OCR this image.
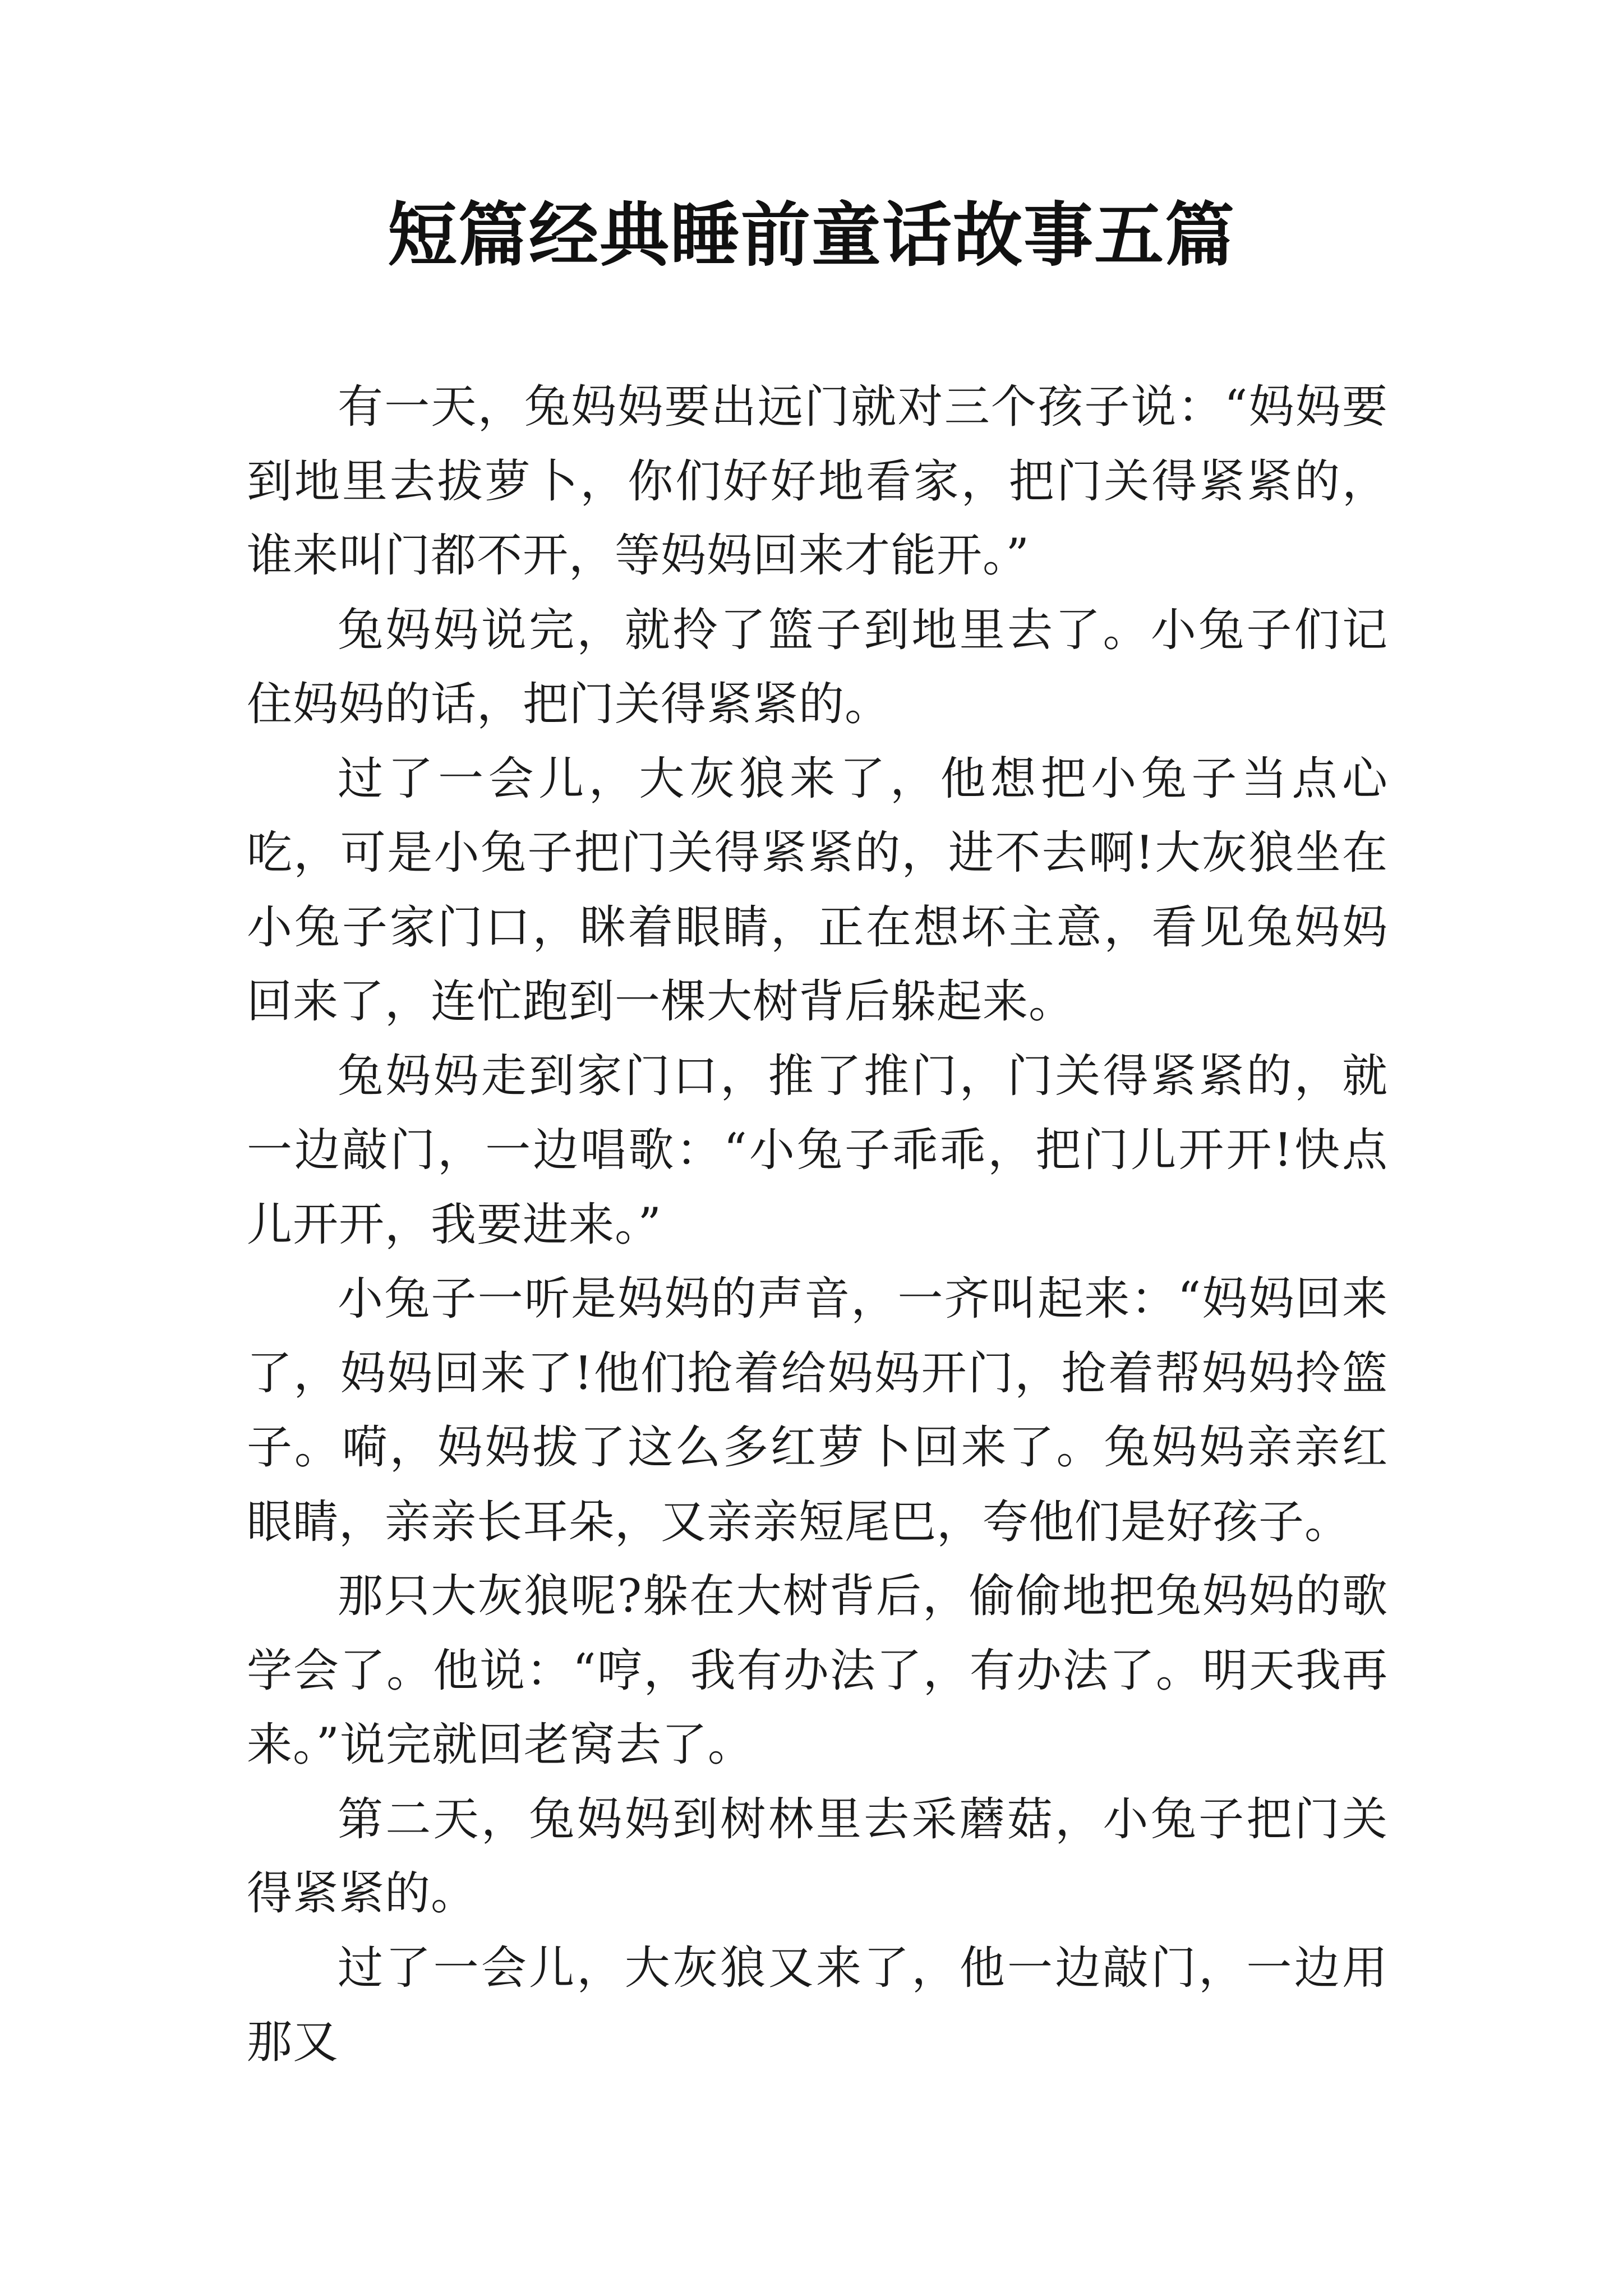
短篇经典睡前童话故事五篇

有一天，兔妈妈要出远门就对三个孩子说：“妈妈要到地里去拔萝卜，你们好好地看家，把门关得紧紧的，谁来叫门都不开，等妈妈回来才能开。”

兔妈妈说完，就拎了篮子到地里去了。小兔子们记住妈妈的话，把门关得紧紧的。

过了一会儿，大灰狼来了，他想把小兔子当点心吃，可是小兔子把门关得紧紧的，进不去啊!大灰狼坐在小兔子家门口，眯着眼睛，正在想坏主意，看见兔妈妈回来了，连忙跑到一棵大树背后躲起来。

兔妈妈走到家门口，推了推门，门关得紧紧的，就一边敲门，一边唱歌：“小兔子乖乖，把门儿开开!快点儿开开，我要进来。”

小兔子一听是妈妈的声音，一齐叫起来：“妈妈回来了，妈妈回来了!他们抢着给妈妈开门，抢着帮妈妈拎篮子。嗬，妈妈拔了这么多红萝卜回来了。兔妈妈亲亲红眼睛，亲亲长耳朵，又亲亲短尾巴，夸他们是好孩子。

那只大灰狼呢?躲在大树背后，偷偷地把兔妈妈的歌学会了。他说：“哼，我有办法了，有办法了。明天我再来。”说完就回老窝去了。

第二天，兔妈妈到树林里去采蘑菇，小兔子把门关得紧紧的。

过了一会儿，大灰狼又来了，他一边敲门，一边用那又
